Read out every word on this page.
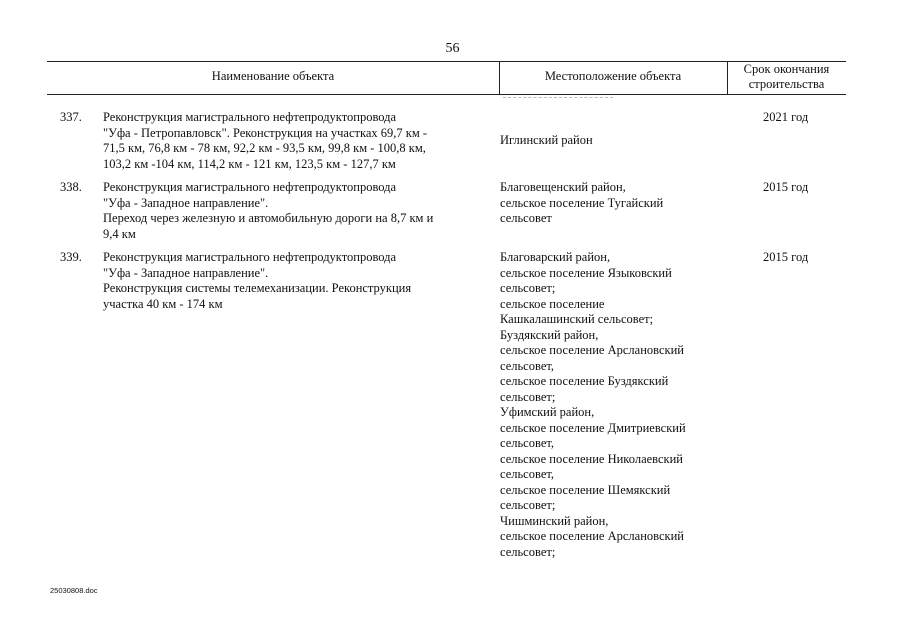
56
Наименование объекта	Местоположение объекта	Срок окончания
строительства
337. Реконструкция магистрального нефтепродуктопровода
"Уфа - Петропавловск". Реконструкция на участках 69,7 км -
71,5 км, 76,8 км - 78 км, 92,2 км - 93,5 км, 99,8 км - 100,8 км,
103,2 км -104 км, 114,2 км - 121 км, 123,5 км - 127,7 км
Иглинский район
2021 год
338. Реконструкция магистрального нефтепродуктопровода
"Уфа - Западное направление".
Переход через железную и автомобильную дороги на 8,7 км и
9,4 км
Благовещенский район,
сельское поселение Тугайский
сельсовет
2015 год
339. Реконструкция магистрального нефтепродуктопровода
"Уфа - Западное направление".
Реконструкция системы телемеханизации. Реконструкция
участка 40 км - 174 км
Благоварский район,
сельское поселение Языковский
сельсовет;
сельское поселение
Кашкалашинский сельсовет;
Буздякский район,
сельское поселение Арслановский
сельсовет,
сельское поселение Буздякский
сельсовет;
Уфимский район,
сельское поселение Дмитриевский
сельсовет,
сельское поселение Николаевский
сельсовет,
сельское поселение Шемякский
сельсовет;
Чишминский район,
сельское поселение Арслановский
сельсовет;
2015 год
25030808.doc
